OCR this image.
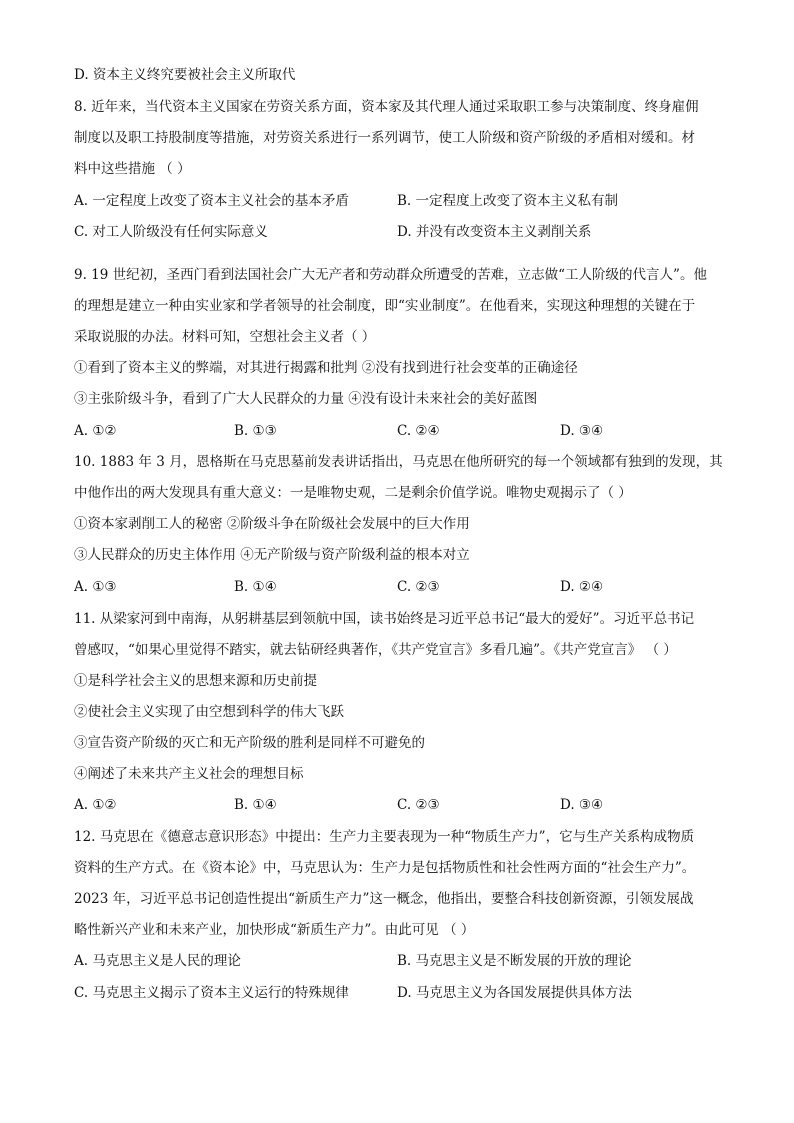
D. 资本主义终究要被社会主义所取代
8. 近年来，当代资本主义国家在劳资关系方面，资本家及其代理人通过采取职工参与决策制度、终身雇佣
制度以及职工持股制度等措施，对劳资关系进行一系列调节，使工人阶级和资产阶级的矛盾相对缓和。材
料中这些措施 （ ）
A. 一定程度上改变了资本主义社会的基本矛盾	B. 一定程度上改变了资本主义私有制
C. 对工人阶级没有任何实际意义	D. 并没有改变资本主义剥削关系
9. 19 世纪初，圣西门看到法国社会广大无产者和劳动群众所遭受的苦难，立志做“工人阶级的代言人”。他
的理想是建立一种由实业家和学者领导的社会制度，即“实业制度”。在他看来，实现这种理想的关键在于
采取说服的办法。材料可知，空想社会主义者（ ）
①看到了资本主义的弊端，对其进行揭露和批判 ②没有找到进行社会变革的正确途径
③主张阶级斗争，看到了广大人民群众的力量 ④没有设计未来社会的美好蓝图
A. ①②	B. ①③	C. ②④	D. ③④
10. 1883 年 3 月，恩格斯在马克思墓前发表讲话指出，马克思在他所研究的每一个领域都有独到的发现，其
中他作出的两大发现具有重大意义：一是唯物史观，二是剩余价值学说。唯物史观揭示了（ ）
①资本家剥削工人的秘密 ②阶级斗争在阶级社会发展中的巨大作用
③人民群众的历史主体作用 ④无产阶级与资产阶级利益的根本对立
A. ①③	B. ①④	C. ②③	D. ②④
11. 从梁家河到中南海，从躬耕基层到领航中国，读书始终是习近平总书记“最大的爱好”。习近平总书记
曾感叹，“如果心里觉得不踏实，就去钻研经典著作，《共产党宣言》多看几遍”。《共产党宣言》 （ ）
①是科学社会主义的思想来源和历史前提
②使社会主义实现了由空想到科学的伟大飞跃
③宣告资产阶级的灭亡和无产阶级的胜利是同样不可避免的
④阐述了未来共产主义社会的理想目标
A. ①②	B. ①④	C. ②③	D. ③④
12. 马克思在《德意志意识形态》中提出：生产力主要表现为一种“物质生产力”，它与生产关系构成物质
资料的生产方式。在《资本论》中，马克思认为：生产力是包括物质性和社会性两方面的“社会生产力”。
2023 年，习近平总书记创造性提出“新质生产力”这一概念，他指出，要整合科技创新资源，引领发展战
略性新兴产业和未来产业，加快形成“新质生产力”。由此可见 （ ）
A. 马克思主义是人民的理论	B. 马克思主义是不断发展的开放的理论
C. 马克思主义揭示了资本主义运行的特殊规律	D. 马克思主义为各国发展提供具体方法
